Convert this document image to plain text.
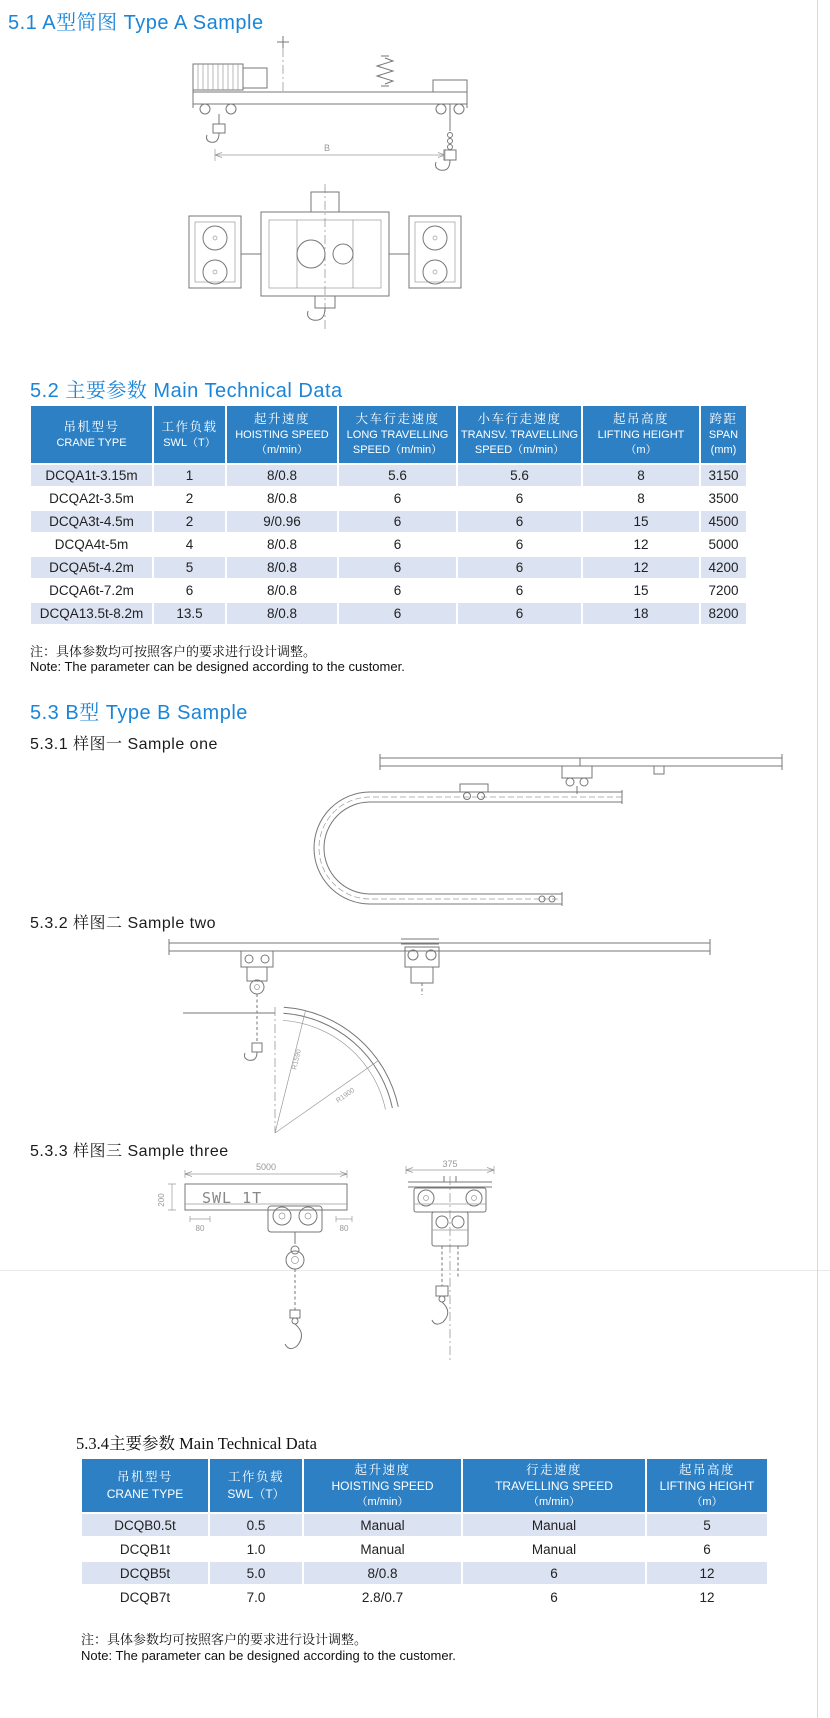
5.1 A型简图 Type A Sample
B
5.2 主要参数 Main Technical Data
吊机型号
CRANE TYPE

工作负载
SWL（T）

起升速度
HOISTING SPEED
（m/min）

大车行走速度
LONG TRAVELLING
SPEED（m/min）

小车行走速度
TRANSV. TRAVELLING
SPEED（m/min）

起吊高度
LIFTING HEIGHT
（m）

跨距
SPAN
(mm)

DCQA1t-3.15m	1	8/0.8	5.6	5.6	8	3150
DCQA2t-3.5m	2	8/0.8	6	6	8	3500
DCQA3t-4.5m	2	9/0.96	6	6	15	4500
DCQA4t-5m	4	8/0.8	6	6	12	5000
DCQA5t-4.2m	5	8/0.8	6	6	12	4200
DCQA6t-7.2m	6	8/0.8	6	6	15	7200
DCQA13.5t-8.2m	13.5	8/0.8	6	6	18	8200
注：具体参数均可按照客户的要求进行设计调整。
Note: The parameter can be designed according to the customer.
5.3 B型 Type B Sample
5.3.1 样图一 Sample one
5.3.2 样图二 Sample two
R1590
R1900
5.3.3 样图三 Sample three
5000
SWL 1T
200
80	80
375
5.3.4主要参数 Main Technical Data
吊机型号
CRANE TYPE

工作负载
SWL（T）

起升速度
HOISTING SPEED
（m/min）

行走速度
TRAVELLING SPEED
（m/min）

起吊高度
LIFTING HEIGHT
（m）

DCQB0.5t	0.5	Manual	Manual	5
DCQB1t	1.0	Manual	Manual	6
DCQB5t	5.0	8/0.8	6	12
DCQB7t	7.0	2.8/0.7	6	12
注：具体参数均可按照客户的要求进行设计调整。
Note: The parameter can be designed according to the customer.
